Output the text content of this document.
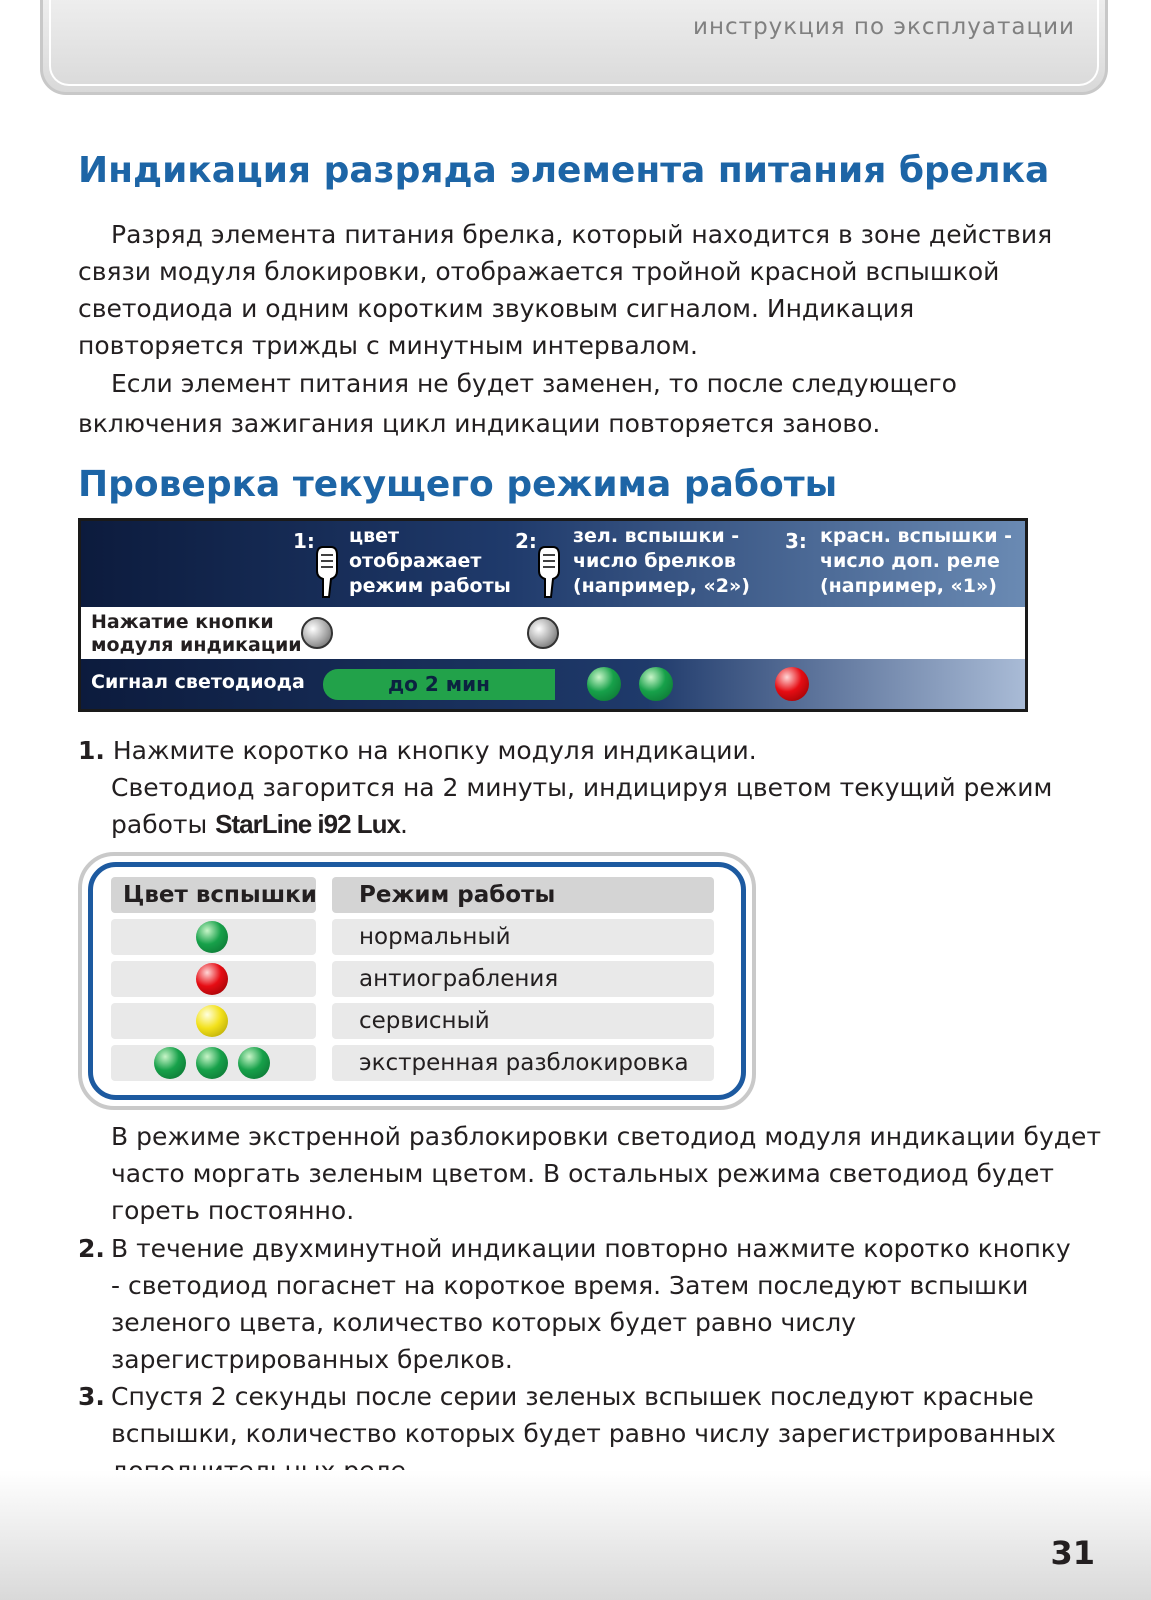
инструкция по эксплуатации
Индикация разряда элемента питания брелка

Разряд элемента питания брелка, который находится в зоне действия связи модуля блокировки, отображается тройной красной вспышкой светодиода и одним коротким звуковым сигналом. Индикация повторяется трижды с минутным интервалом.

Если элемент питания не будет заменен, то после следующего включения зажигания цикл индикации повторяется заново.

Проверка текущего режима работы
1: цвет
отображает
режим работы
2: зел. вспышки -
число брелков
(например, «2»)
3: красн. вспышки -
число доп. реле
(например, «1»)
Нажатие кнопки
модуля индикации
Сигнал светодиода	до 2 мин
1. Нажмите коротко на кнопку модуля индикации.
Светодиод загорится на 2 минуты, индицируя цветом текущий режим
работы StarLine i92 Lux.
Цвет вспышки Режим работы
нормальный
антиограбления
сервисный
экстренная разблокировка

В режиме экстренной разблокировки светодиод модуля индикации будет часто моргать зеленым цветом. В остальных режима светодиод будет гореть постоянно.

2. В течение двухминутной индикации повторно нажмите коротко кнопку - светодиод погаснет на короткое время. Затем последуют вспышки зеленого цвета, количество которых будет равно числу зарегистрированных брелков.
3. Спустя 2 секунды после серии зеленых вспышек последуют красные вспышки, количество которых будет равно числу зарегистрированных
31
